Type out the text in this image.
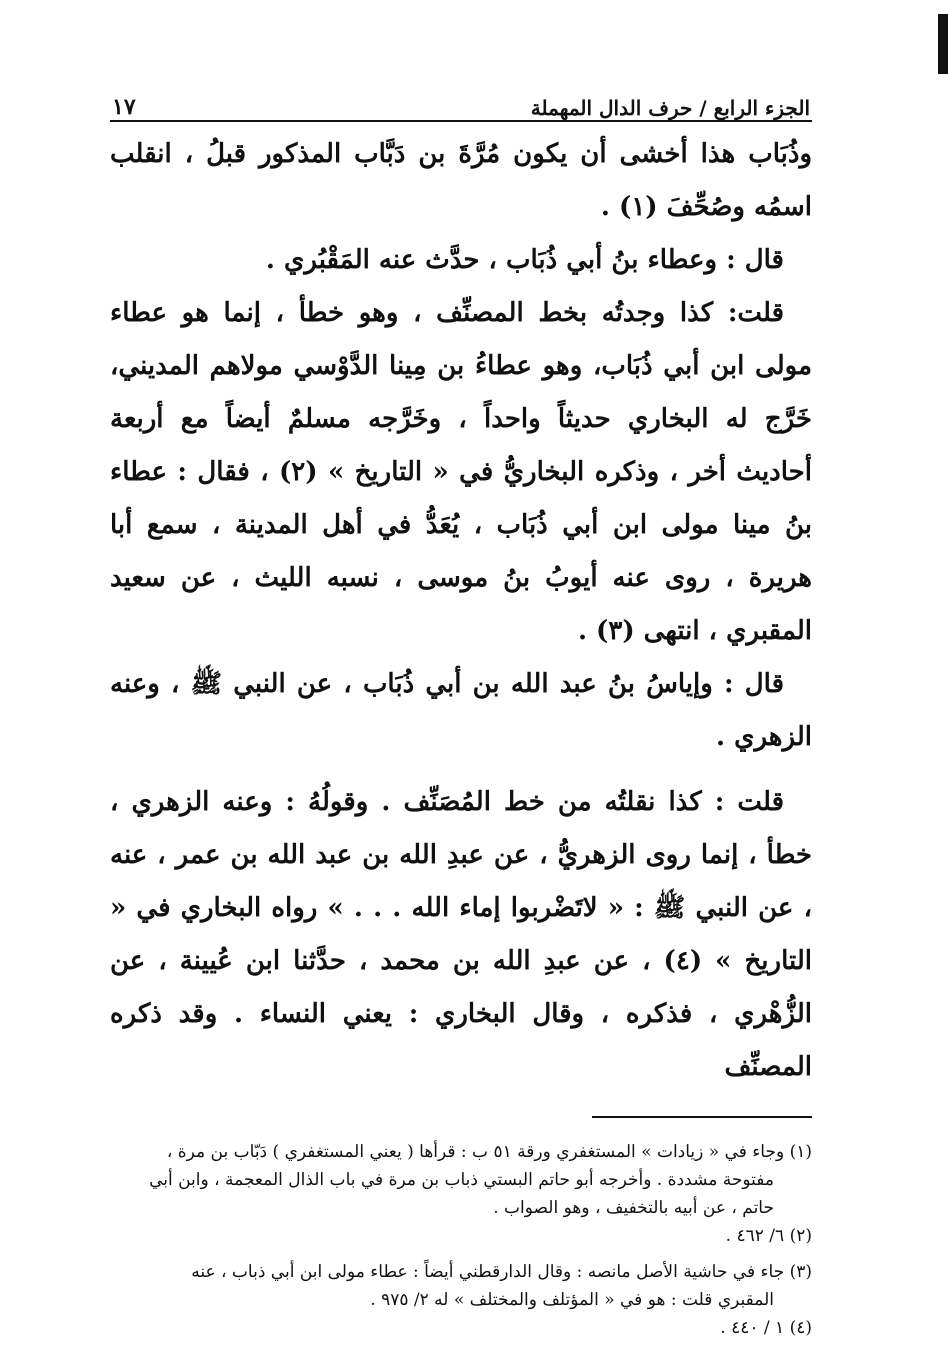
الجزء الرابع / حرف الدال المهملة
١٧

وذُبَاب هذا أخشى أن يكون مُرَّةَ بن دَبَّاب المذكور قبلُ ، انقلب اسمُه وصُحِّفَ (١) .

قال : وعطاء بنُ أبي ذُبَاب ، حدَّث عنه المَقْبُري .

قلت: كذا وجدتُه بخط المصنِّف ، وهو خطأ ، إنما هو عطاء مولى ابن أبي ذُبَاب، وهو عطاءُ بن مِينا الدَّوْسي مولاهم المديني، خَرَّج له البخاري حديثاً واحداً ، وخَرَّجه مسلمٌ أيضاً مع أربعة أحاديث أخر ، وذكره البخاريُّ في « التاريخ » (٢) ، فقال : عطاء بنُ مينا مولى ابن أبي ذُبَاب ، يُعَدُّ في أهل المدينة ، سمع أبا هريرة ، روى عنه أيوبُ بنُ موسى ، نسبه الليث ، عن سعيد المقبري ، انتهى (٣) .

قال : وإياسُ بنُ عبد الله بن أبي ذُبَاب ، عن النبي ﷺ ، وعنه الزهري .

قلت : كذا نقلتُه من خط المُصَنِّف . وقولُهُ : وعنه الزهري ، خطأ ، إنما روى الزهريُّ ، عن عبدِ الله بن عبد الله بن عمر ، عنه ، عن النبي ﷺ : « لاتَضْربوا إماء الله . . . » رواه البخاري في « التاريخ » (٤) ، عن عبدِ الله بن محمد ، حدَّثنا ابن عُيينة ، عن الزُّهْري ، فذكره ، وقال البخاري : يعني النساء . وقد ذكره المصنِّف

(١) وجاء في « زيادات » المستغفري ورقة ٥١ ب : قرأها ( يعني المستغفري ) دَبّاب بن مرة ،
مفتوحة مشددة . وأخرجه أبو حاتم البستي ذباب بن مرة في باب الذال المعجمة ، وابن أبي
حاتم ، عن أبيه بالتخفيف ، وهو الصواب .

(٢) ٦/ ٤٦٢ .

(٣) جاء في حاشية الأصل مانصه : وقال الدارقطني أيضاً : عطاء مولى ابن أبي ذباب ، عنه
المقبري قلت : هو في « المؤتلف والمختلف » له ٢/ ٩٧٥ .

(٤) ١ / ٤٤٠ .
